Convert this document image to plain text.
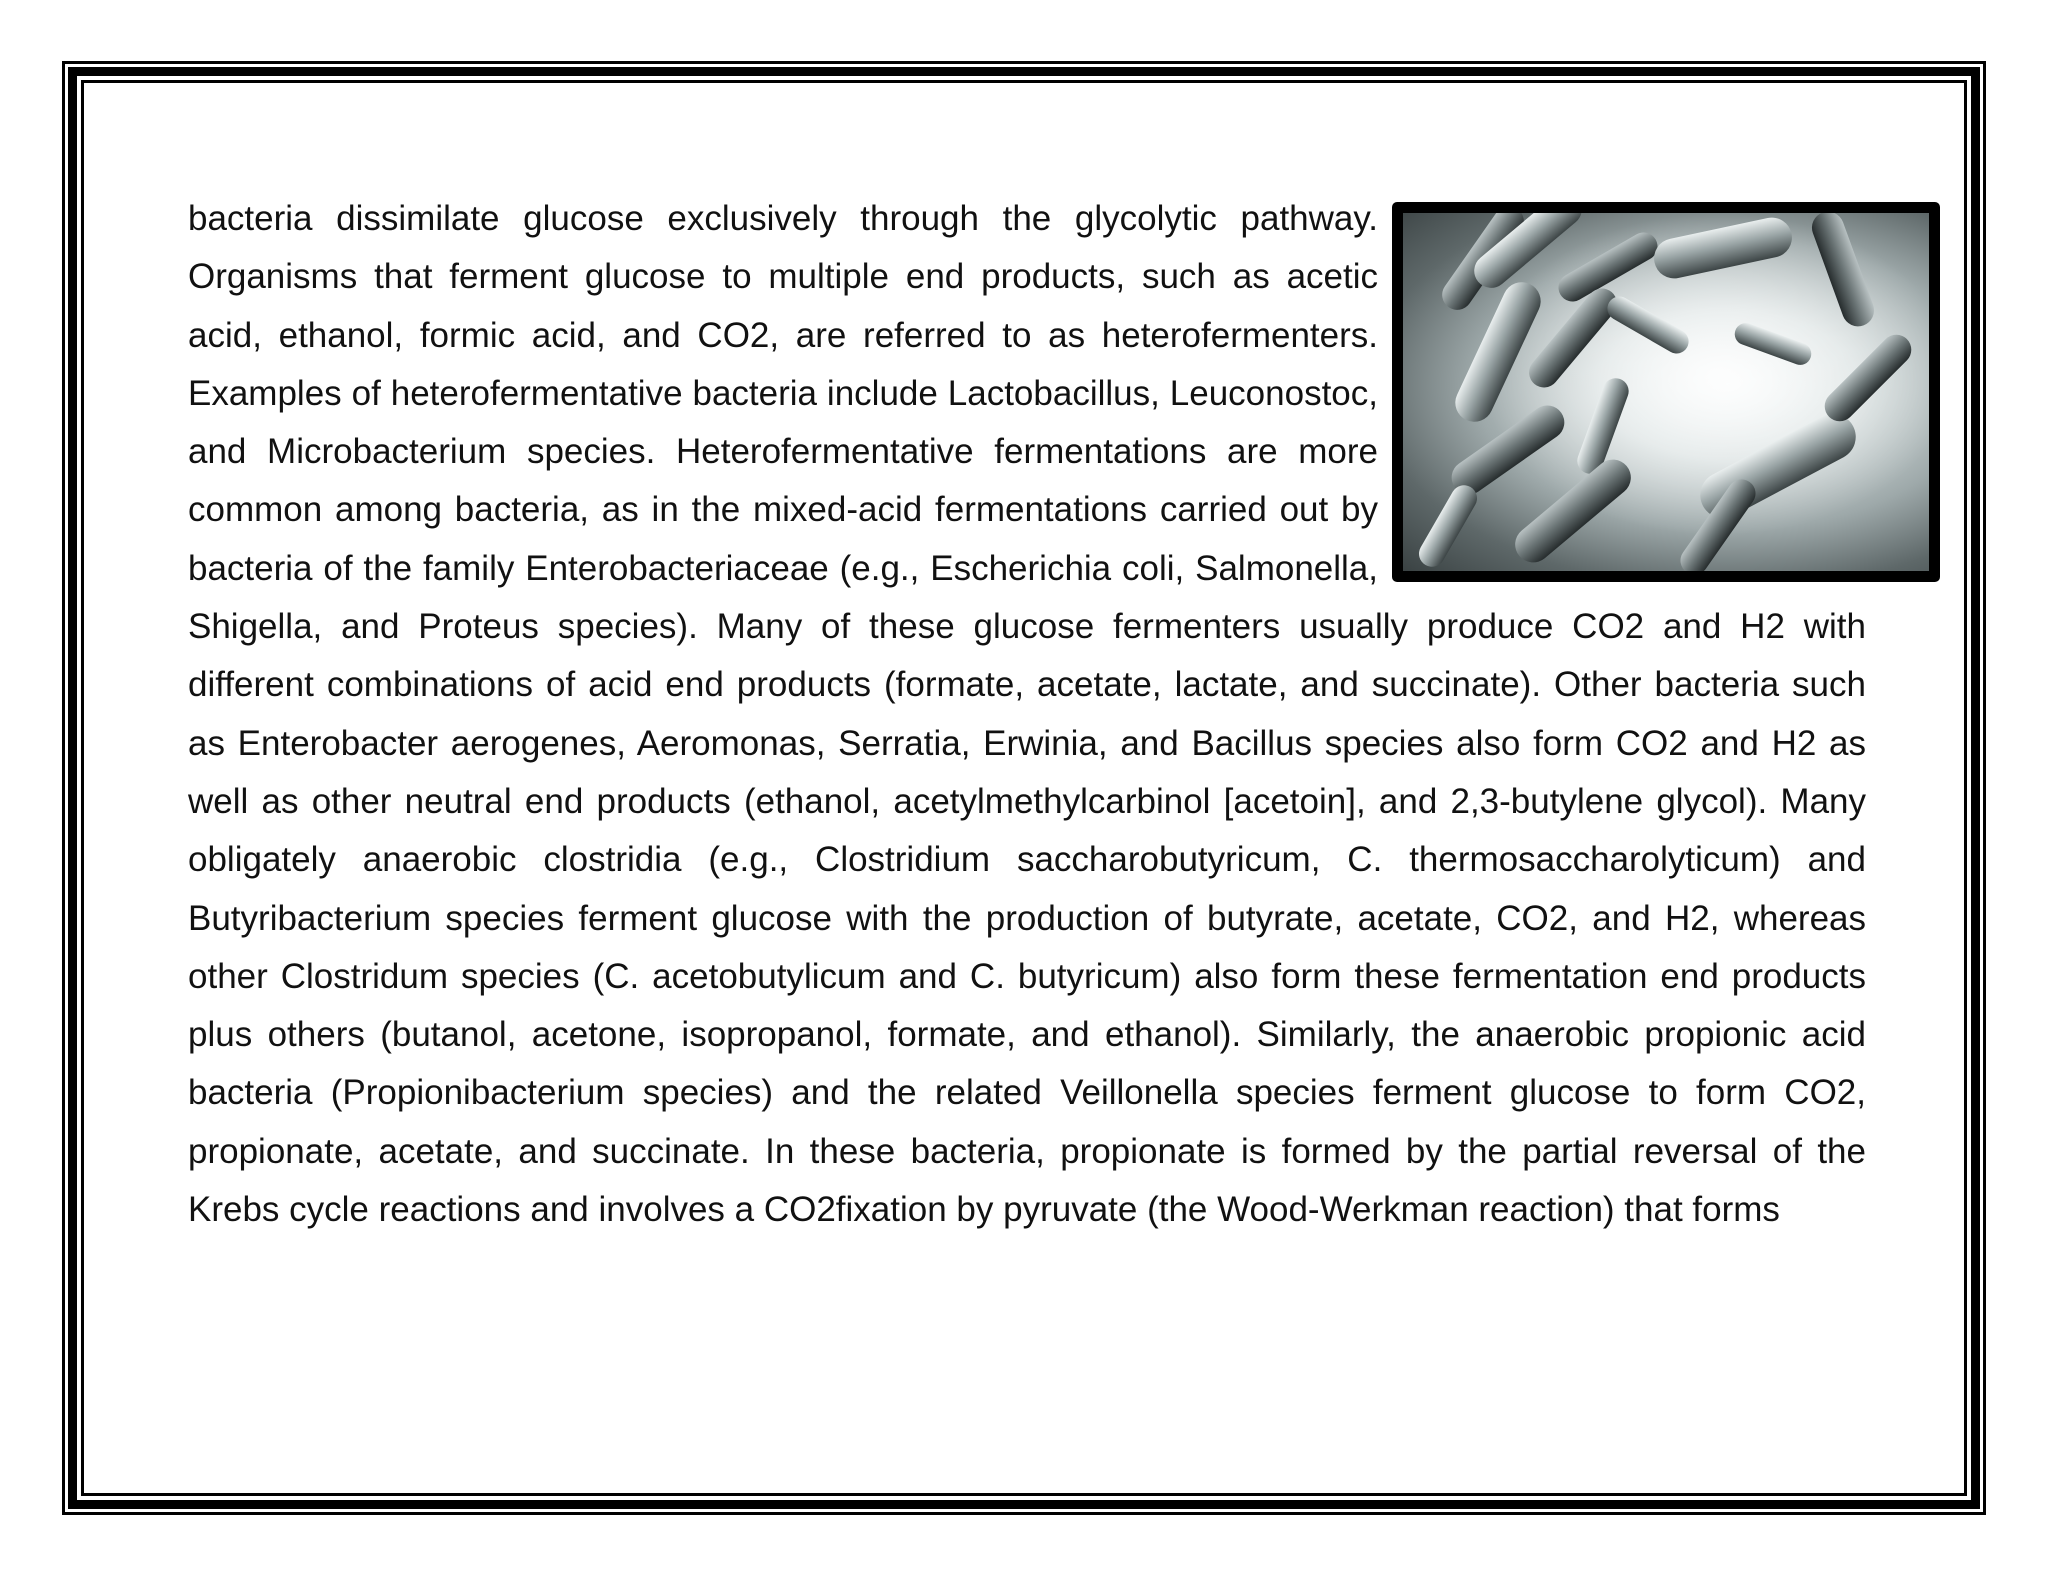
bacteria dissimilate glucose exclusively through the glycolytic pathway. Organisms that ferment glucose to multiple end products, such as acetic acid, ethanol, formic acid, and CO2, are referred to as heterofermenters. Examples of heterofermentative bacteria include Lactobacillus, Leuconostoc, and Microbacterium species. Heterofermentative fermentations are more common among bacteria, as in the mixed-acid fermentations carried out by bacteria of the family Enterobacteriaceae (e.g., Escherichia coli, Salmonella, Shigella, and Proteus species). Many of these glucose fermenters usually produce CO2 and H2 with different combinations of acid end products (formate, acetate, lactate, and succinate). Other bacteria such as Enterobacter aerogenes, Aeromonas, Serratia, Erwinia, and Bacillus species also form CO2 and H2 as well as other neutral end products (ethanol, acetylmethylcarbinol [acetoin], and 2,3-butylene glycol). Many obligately anaerobic clostridia (e.g., Clostridium saccharobutyricum, C. thermosaccharolyticum) and Butyribacterium species ferment glucose with the production of butyrate, acetate, CO2, and H2, whereas other Clostridum species (C. acetobutylicum and C. butyricum) also form these fermentation end products plus others (butanol, acetone, isopropanol, formate, and ethanol). Similarly, the anaerobic propionic acid bacteria (Propionibacterium species) and the related Veillonella species ferment glucose to form CO2, propionate, acetate, and succinate. In these bacteria, propionate is formed by the partial reversal of the Krebs cycle reactions and involves a CO2fixation by pyruvate (the Wood-Werkman reaction) that forms
